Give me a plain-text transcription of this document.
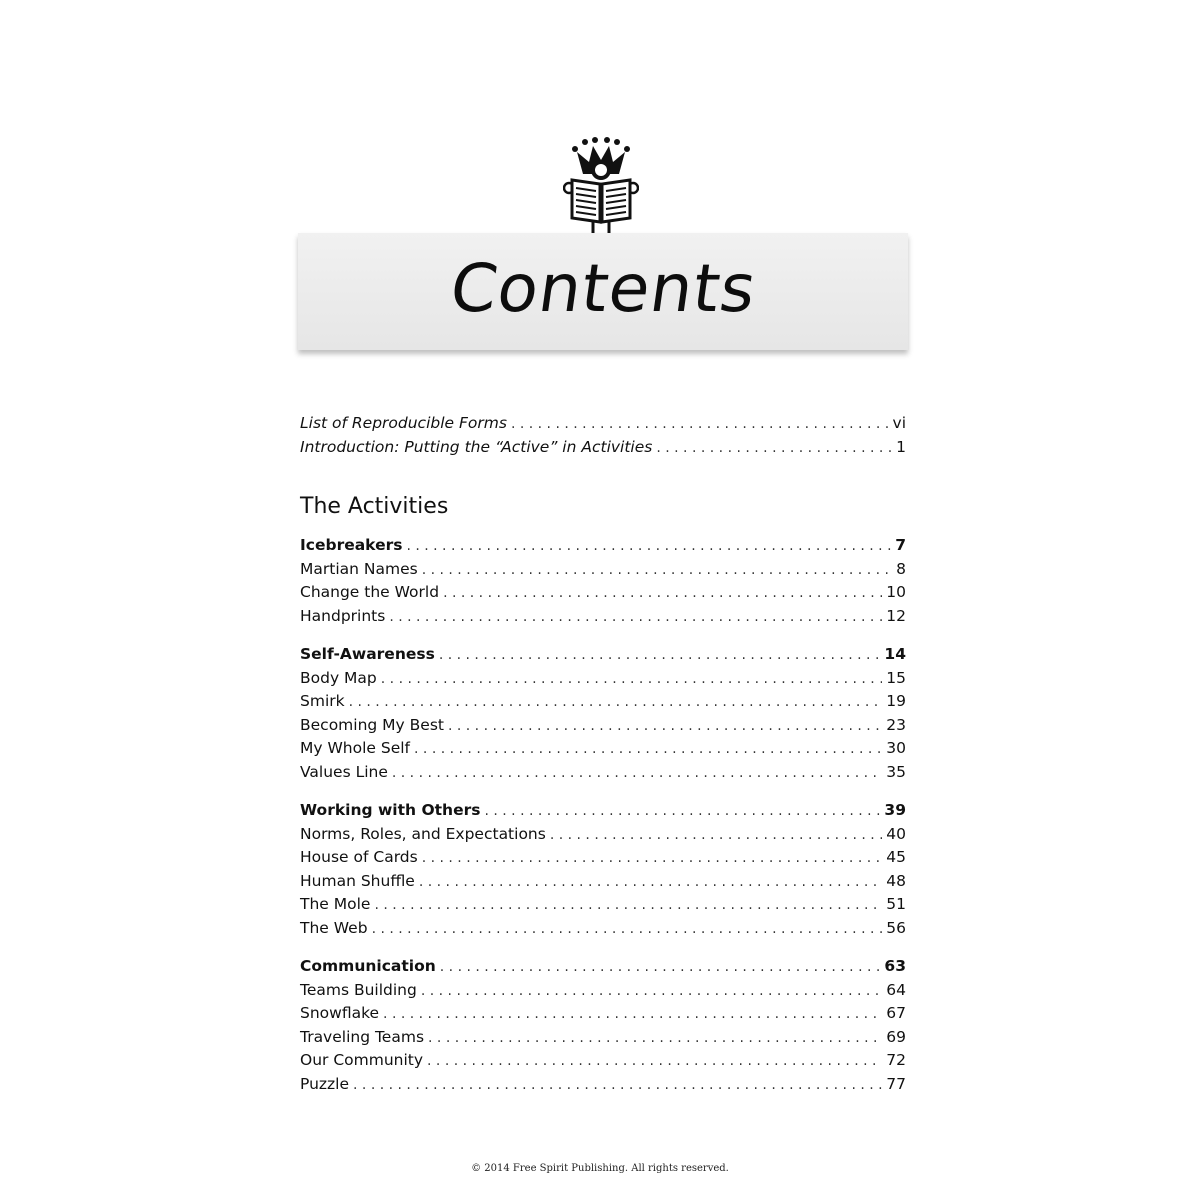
Contents
List of Reproducible Forms . . .	vi
Introduction: Putting the “Active” in Activities . . .	1
The Activities
Icebreakers . . .	7
Martian Names . . .	8
Change the World . . .	10
Handprints . . .	12
Self-Awareness . . .	14
Body Map . . .	15
Smirk . . .	19
Becoming My Best . . .	23
My Whole Self . . .	30
Values Line . . .	35
Working with Others . . .	39
Norms, Roles, and Expectations . . .	40
House of Cards . . .	45
Human Shuffle . . .	48
The Mole . . .	51
The Web . . .	56
Communication . . .	63
Teams Building . . .	64
Snowflake . . .	67
Traveling Teams . . .	69
Our Community . . .	72
Puzzle . . .	77
© 2014 Free Spirit Publishing. All rights reserved.
